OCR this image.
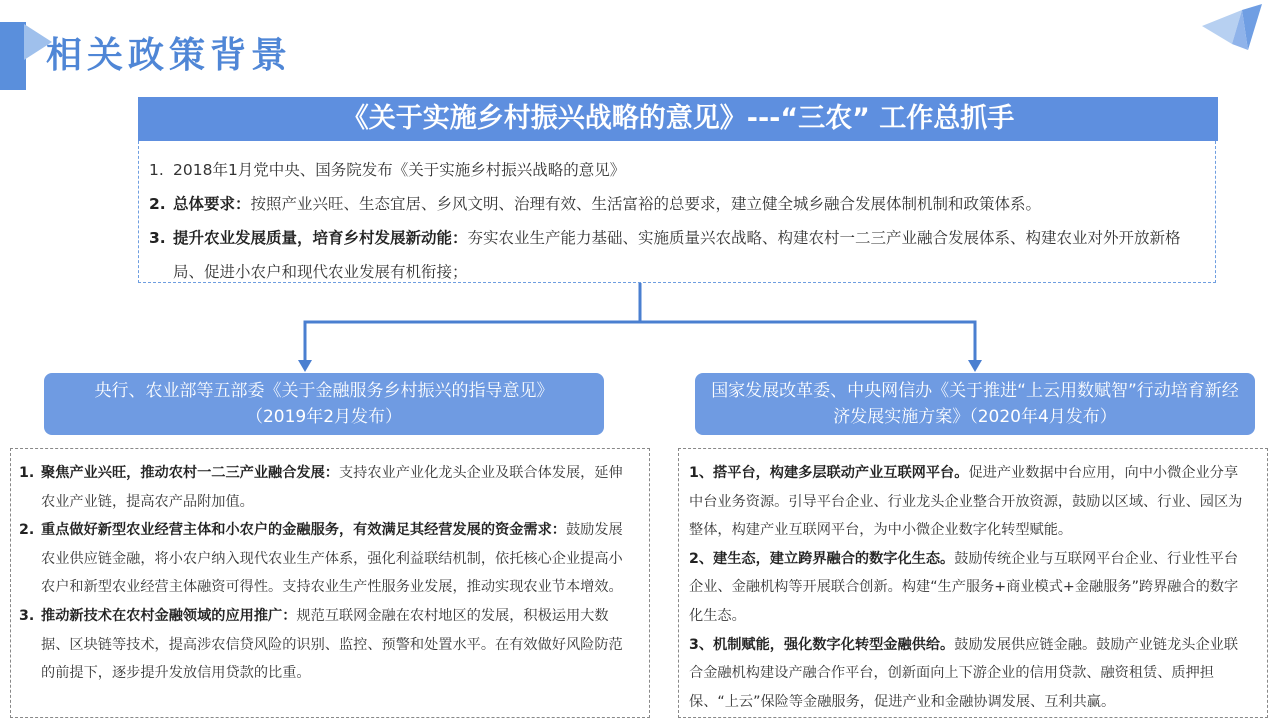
相关政策背景
《关于实施乡村振兴战略的意见》---“三农” 工作总抓手
1. 2018年1月党中央、国务院发布《关于实施乡村振兴战略的意见》
2. 总体要求：按照产业兴旺、生态宜居、乡风文明、治理有效、生活富裕的总要求，建立健全城乡融合发展体制机制和政策体系。
3. 提升农业发展质量，培育乡村发展新动能：夯实农业生产能力基础、实施质量兴农战略、构建农村一二三产业融合发展体系、构建农业对外开放新格局、促进小农户和现代农业发展有机衔接；
央行、农业部等五部委《关于金融服务乡村振兴的指导意见》
（2019年2月发布）
国家发展改革委、中央网信办《关于推进“上云用数赋智”行动培育新经济发展实施方案》（2020年4月发布）
1. 聚焦产业兴旺，推动农村一二三产业融合发展：支持农业产业化龙头企业及联合体发展，延伸农业产业链，提高农产品附加值。
2. 重点做好新型农业经营主体和小农户的金融服务，有效满足其经营发展的资金需求：鼓励发展农业供应链金融，将小农户纳入现代农业生产体系，强化利益联结机制，依托核心企业提高小农户和新型农业经营主体融资可得性。支持农业生产性服务业发展，推动实现农业节本增效。
3. 推动新技术在农村金融领域的应用推广：规范互联网金融在农村地区的发展，积极运用大数据、区块链等技术，提高涉农信贷风险的识别、监控、预警和处置水平。在有效做好风险防范的前提下，逐步提升发放信用贷款的比重。
1、搭平台，构建多层联动产业互联网平台。促进产业数据中台应用，向中小微企业分享中台业务资源。引导平台企业、行业龙头企业整合开放资源，鼓励以区域、行业、园区为整体，构建产业互联网平台，为中小微企业数字化转型赋能。
2、建生态，建立跨界融合的数字化生态。鼓励传统企业与互联网平台企业、行业性平台企业、金融机构等开展联合创新。构建“生产服务+商业模式+金融服务”跨界融合的数字化生态。
3、机制赋能，强化数字化转型金融供给。鼓励发展供应链金融。鼓励产业链龙头企业联合金融机构建设产融合作平台，创新面向上下游企业的信用贷款、融资租赁、质押担保、“上云”保险等金融服务，促进产业和金融协调发展、互利共赢。
